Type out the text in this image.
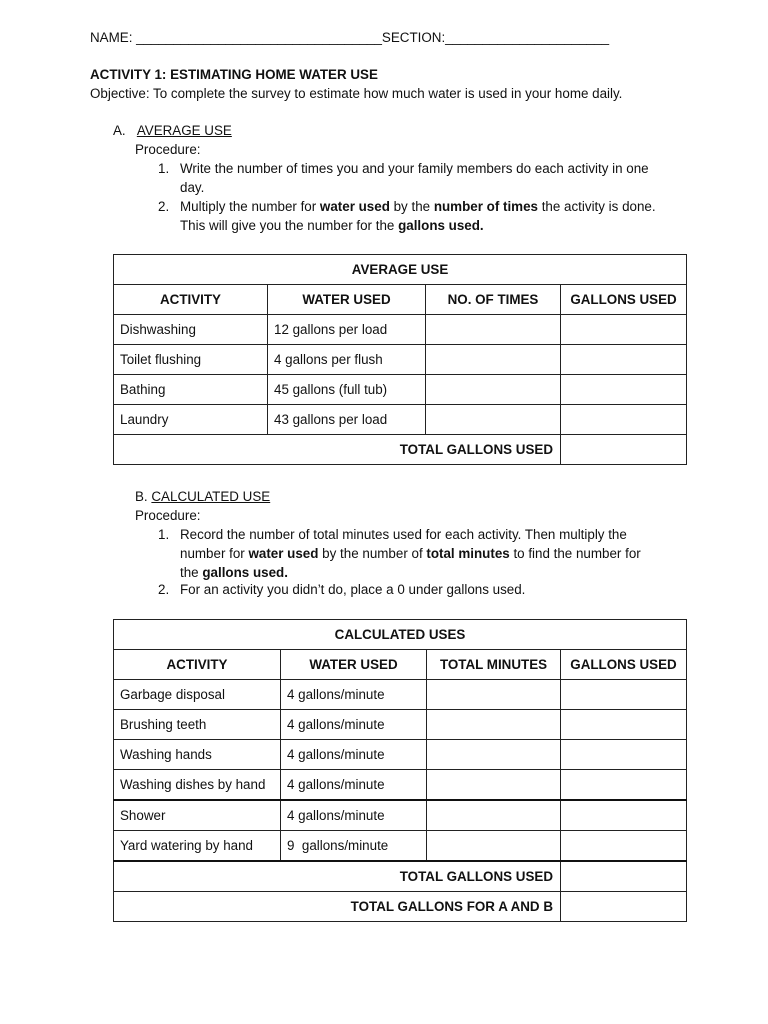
NAME: _________________________________SECTION:______________________
ACTIVITY 1: ESTIMATING HOME WATER USE
Objective: To complete the survey to estimate how much water is used in your home daily.
A. AVERAGE USE
Procedure:
1. Write the number of times you and your family members do each activity in one
day.
2. Multiply the number for water used by the number of times the activity is done.
This will give you the number for the gallons used.
AVERAGE USE			
ACTIVITY	WATER USED	NO. OF TIMES	GALLONS USED
Dishwashing	12 gallons per load		
Toilet flushing	4 gallons per flush		
Bathing	45 gallons (full tub)		
Laundry	43 gallons per load		
TOTAL GALLONS USED			
B. CALCULATED USE
Procedure:
1. Record the number of total minutes used for each activity. Then multiply the
number for water used by the number of total minutes to find the number for
the gallons used.
2. For an activity you didn’t do, place a 0 under gallons used.
CALCULATED USES			
ACTIVITY	WATER USED	TOTAL MINUTES	GALLONS USED
Garbage disposal	4 gallons/minute		
Brushing teeth	4 gallons/minute		
Washing hands	4 gallons/minute		
Washing dishes by hand	4 gallons/minute		
Shower	4 gallons/minute		
Yard watering by hand	9  gallons/minute		
TOTAL GALLONS USED			
TOTAL GALLONS FOR A AND B			
